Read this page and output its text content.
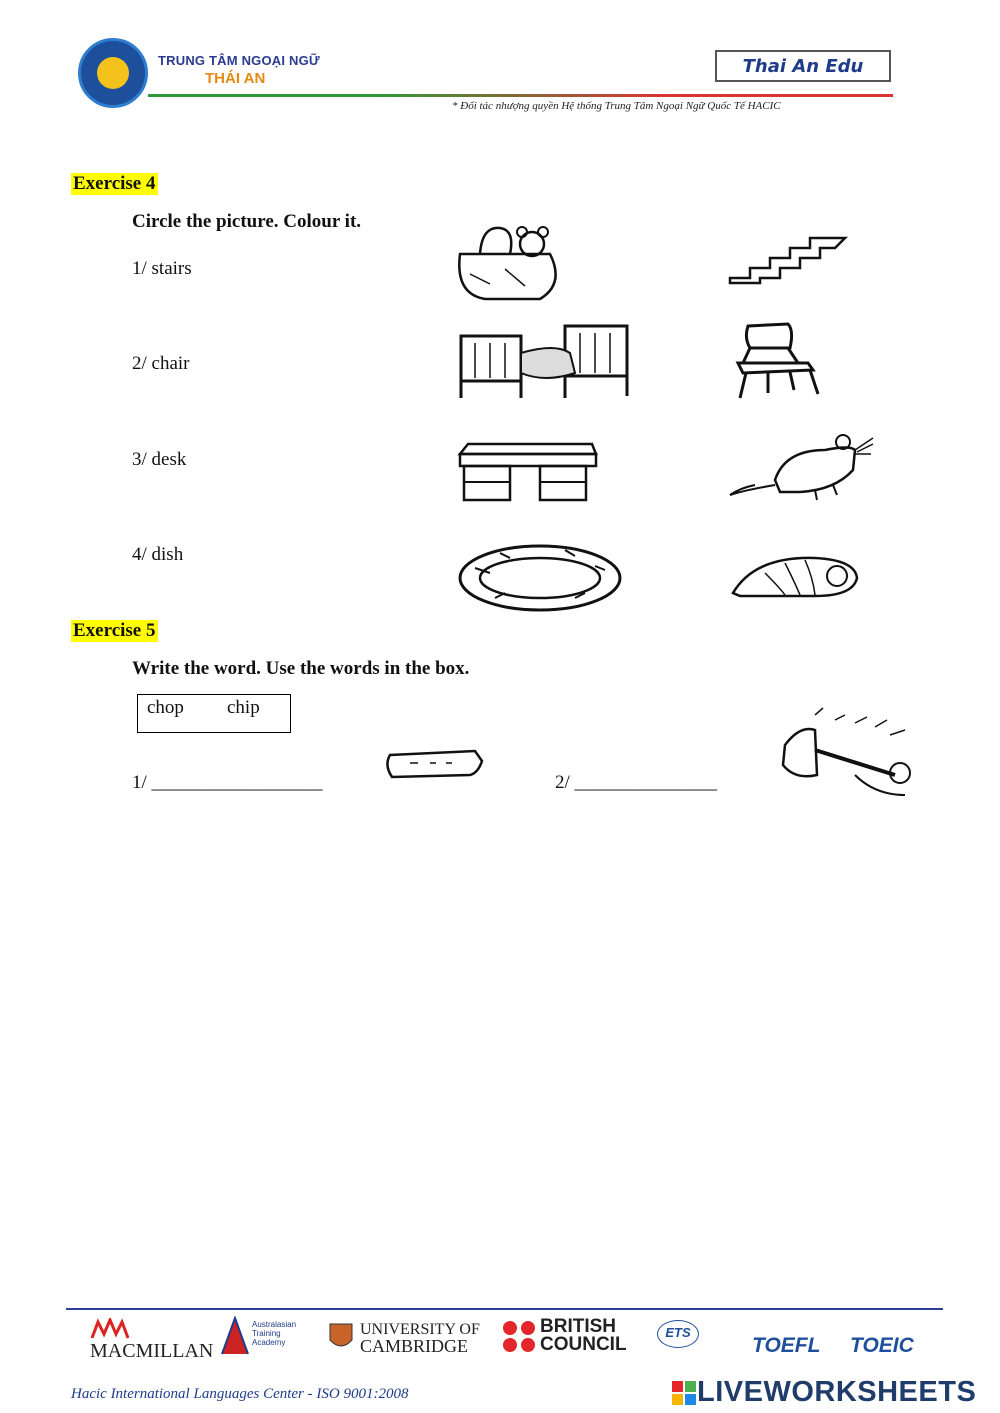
TRUNG TÂM NGOẠI NGỮ
THÁI AN
Thai An Edu
* Đối tác nhượng quyền Hệ thống Trung Tâm Ngoại Ngữ Quốc Tế HACIC
Exercise 4
Circle the picture. Colour it.
1/ stairs
2/ chair
3/ desk
4/ dish
Exercise 5
Write the word. Use the words in the box.
chop chip
1/ __________________	2/ _______________
MACMILLAN
Australasian Training Academy
UNIVERSITY OF
CAMBRIDGE
BRITISH
COUNCIL
ETS
TOEFL TOEIC
Hacic International Languages Center - ISO 9001:2008	LIVEWORKSHEETS
